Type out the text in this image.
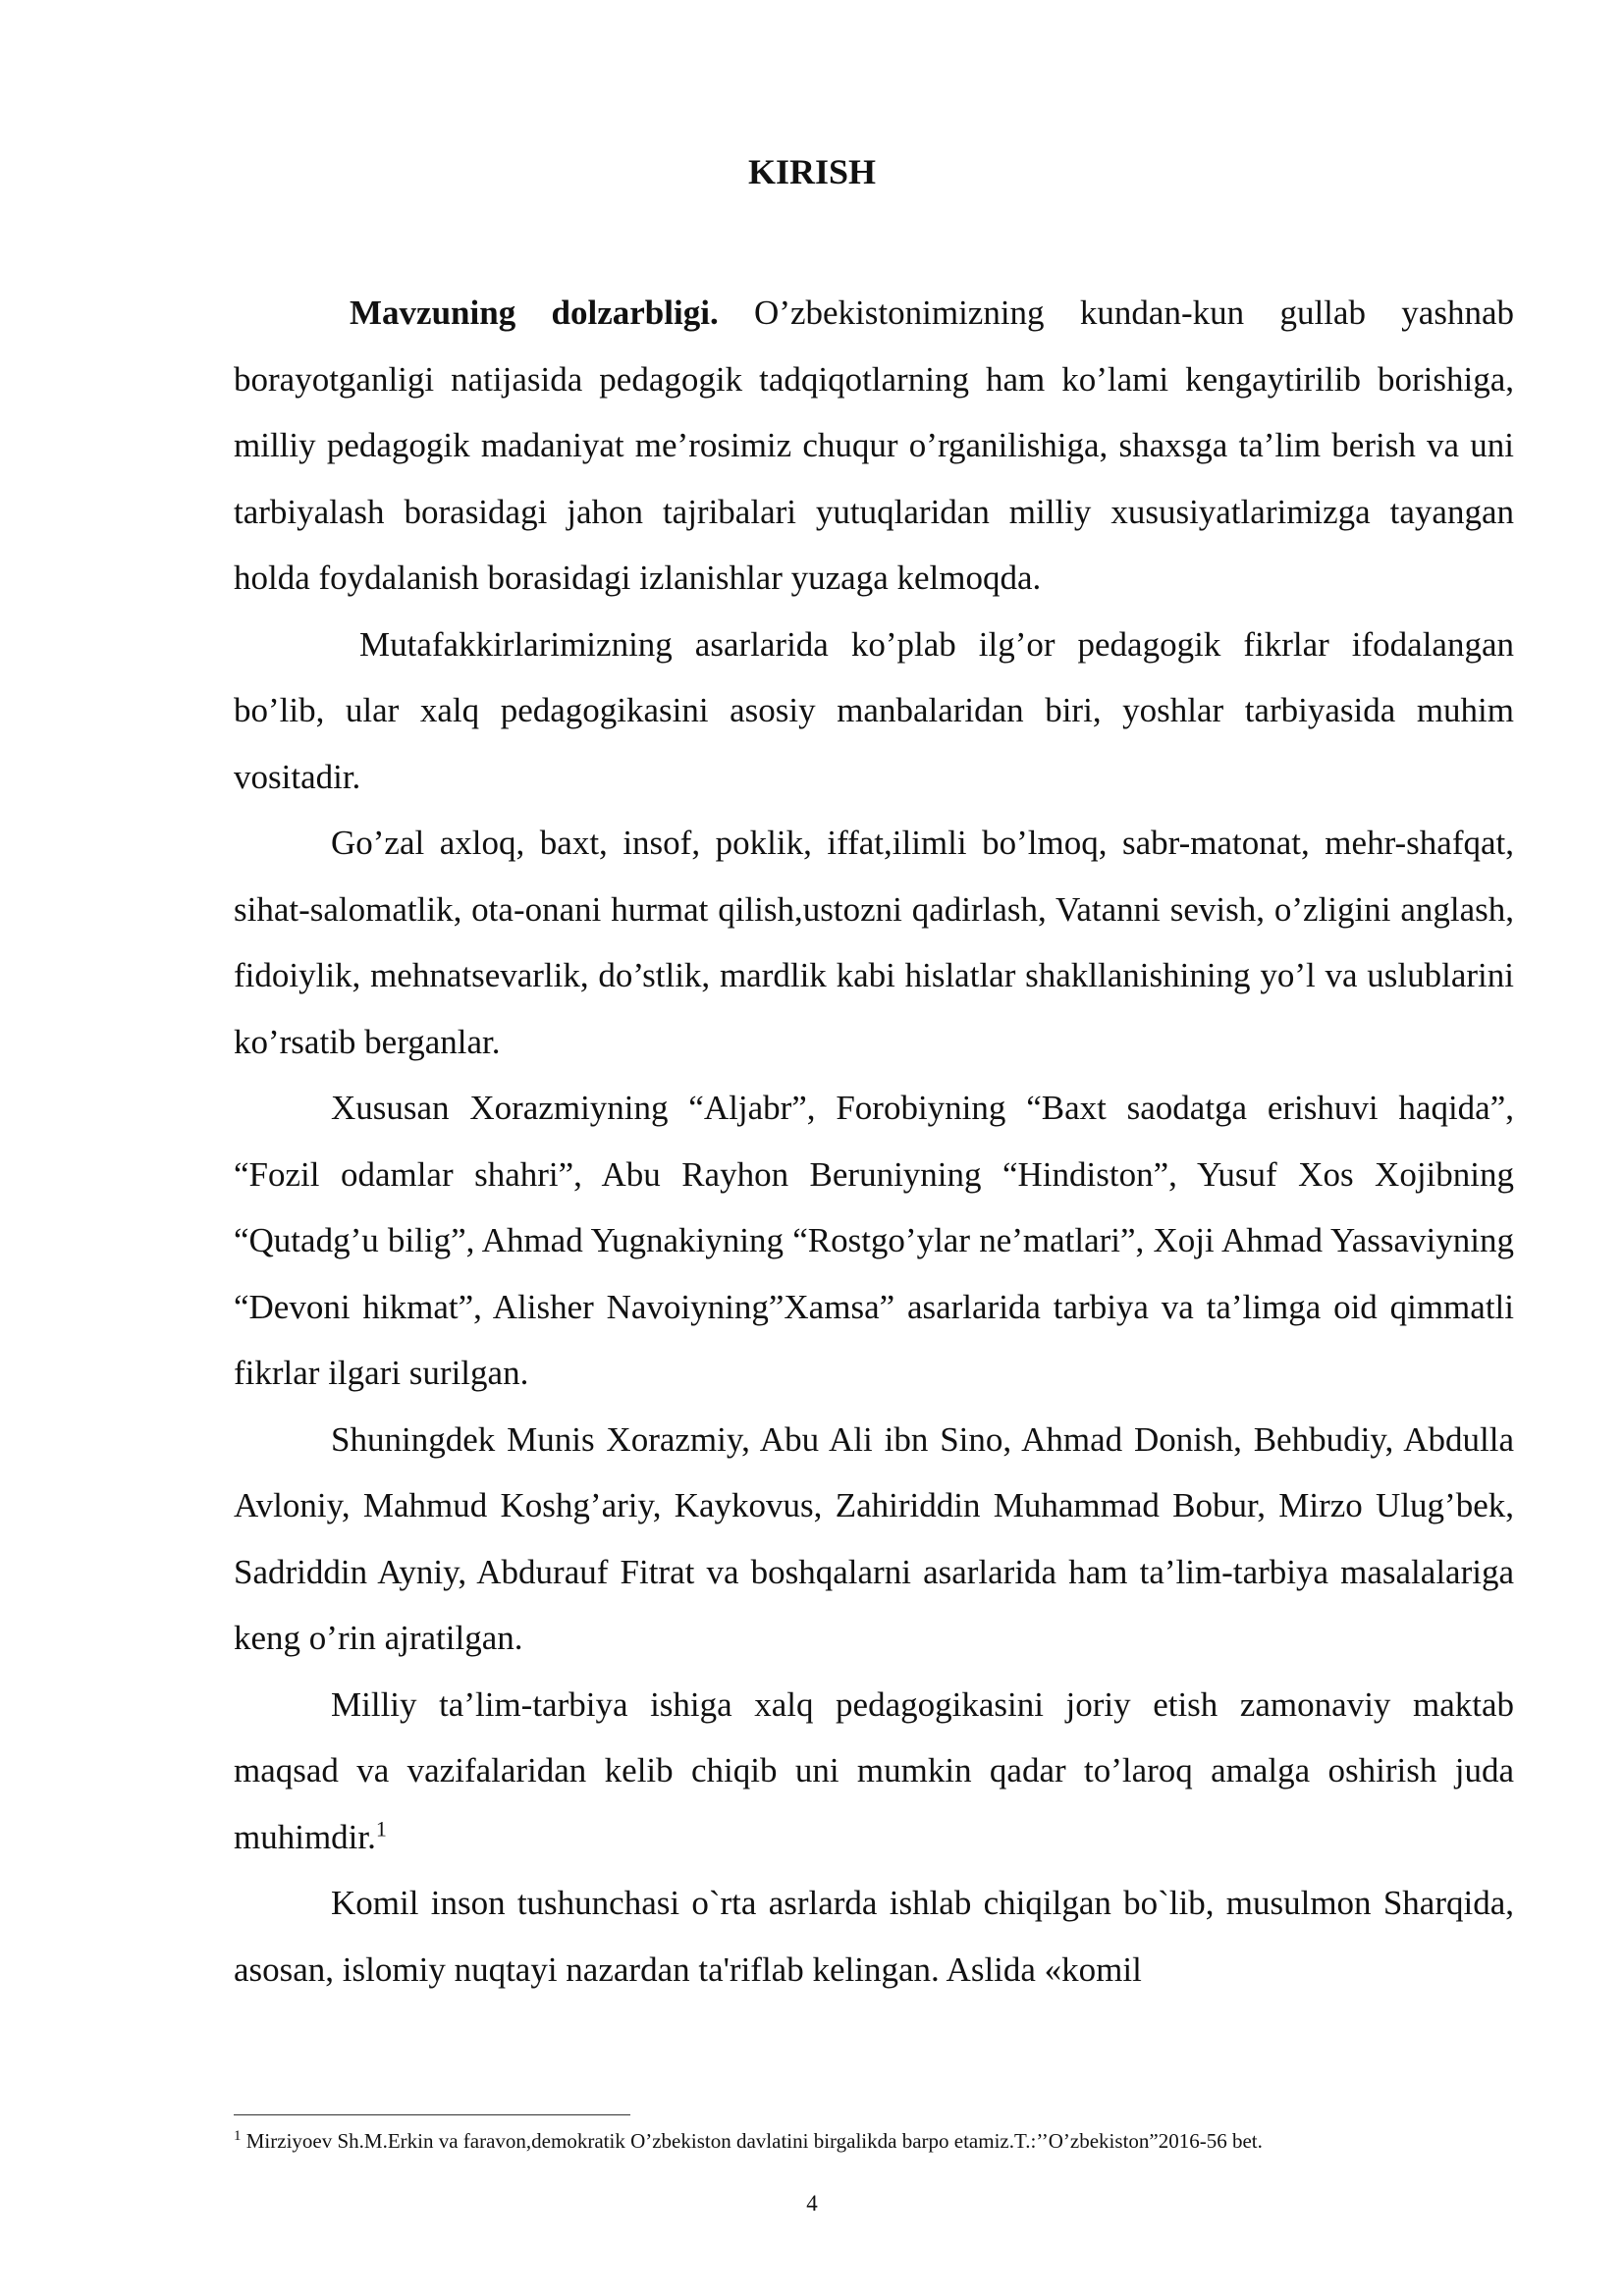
KIRISH

Mavzuning dolzarbligi. O’zbekistonimizning kundan-kun gullab yashnab borayotganligi natijasida pedagogik tadqiqotlarning ham ko’lami kengaytirilib borishiga, milliy pedagogik madaniyat me’rosimiz chuqur o’rganilishiga, shaxsga ta’lim berish va uni tarbiyalash borasidagi jahon tajribalari yutuqlaridan milliy xususiyatlarimizga tayangan holda foydalanish borasidagi izlanishlar yuzaga kelmoqda.

Mutafakkirlarimizning asarlarida ko’plab ilg’or pedagogik fikrlar ifodalangan bo’lib, ular xalq pedagogikasini asosiy manbalaridan biri, yoshlar tarbiyasida muhim vositadir.

Go’zal axloq, baxt, insof, poklik, iffat,ilimli bo’lmoq, sabr-matonat, mehr-shafqat, sihat-salomatlik, ota-onani hurmat qilish,ustozni qadirlash, Vatanni sevish, o’zligini anglash, fidoiylik, mehnatsevarlik, do’stlik, mardlik kabi hislatlar shakllanishining yo’l va uslublarini ko’rsatib berganlar.

Xususan Xorazmiyning “Aljabr”, Forobiyning “Baxt saodatga erishuvi haqida”, “Fozil odamlar shahri”, Abu Rayhon Beruniyning “Hindiston”, Yusuf Xos Xojibning “Qutadg’u bilig”, Ahmad Yugnakiyning “Rostgo’ylar ne’matlari”, Xoji Ahmad Yassaviyning “Devoni hikmat”, Alisher Navoiyning”Xamsa” asarlarida tarbiya va ta’limga oid qimmatli fikrlar ilgari surilgan.

Shuningdek Munis Xorazmiy, Abu Ali ibn Sino, Ahmad Donish, Behbudiy, Abdulla Avloniy, Mahmud Koshg’ariy, Kaykovus, Zahiriddin Muhammad Bobur, Mirzo Ulug’bek, Sadriddin Ayniy, Abdurauf Fitrat va boshqalarni asarlarida ham ta’lim-tarbiya masalalariga keng o’rin ajratilgan.

Milliy ta’lim-tarbiya ishiga xalq pedagogikasini joriy etish zamonaviy maktab maqsad va vazifalaridan kelib chiqib uni mumkin qadar to’laroq amalga oshirish juda muhimdir.$^1$

Komil inson tushunchasi o`rta asrlarda ishlab chiqilgan bo`lib, musulmon Sharqida, asosan, islomiy nuqtayi nazardan ta'riflab kelingan. Aslida «komil

$^1$ Mirziyoev Sh.M.Erkin va faravon,demokratik O’zbekiston davlatini birgalikda barpo etamiz.T.:’’O’zbekiston”2016-56 bet.

4
